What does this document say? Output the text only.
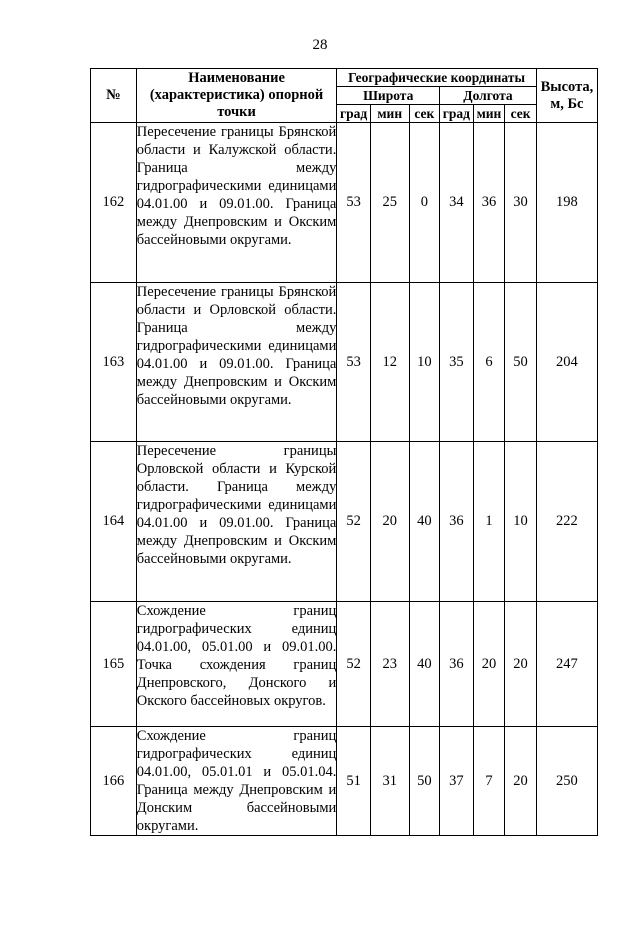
28
№	Наименование (характеристика) опорной точки	Географические координаты						Высота, м, Бс
		Широта			Долгота			
		град	мин	сек	град	мин	сек	
162	Пересечение границы Брянской области и Калужской области. Граница между гидрографическими единицами 04.01.00 и 09.01.00. Граница между Днепровским и Окским бассейновыми округами.	53	25	0	34	36	30	198
163	Пересечение границы Брянской области и Орловской области. Граница между гидрографическими единицами 04.01.00 и 09.01.00. Граница между Днепровским и Окским бассейновыми округами.	53	12	10	35	6	50	204
164	Пересечение границы Орловской области и Курской области. Граница между гидрографическими единицами 04.01.00 и 09.01.00. Граница между Днепровским и Окским бассейновыми округами.	52	20	40	36	1	10	222
165	Схождение границ гидрографических единиц 04.01.00, 05.01.00 и 09.01.00. Точка схождения границ Днепровского, Донского и Окского бассейновых округов.	52	23	40	36	20	20	247
166	Схождение границ гидрографических единиц 04.01.00, 05.01.01 и 05.01.04. Граница между Днепровским и Донским бассейновыми округами.	51	31	50	37	7	20	250
